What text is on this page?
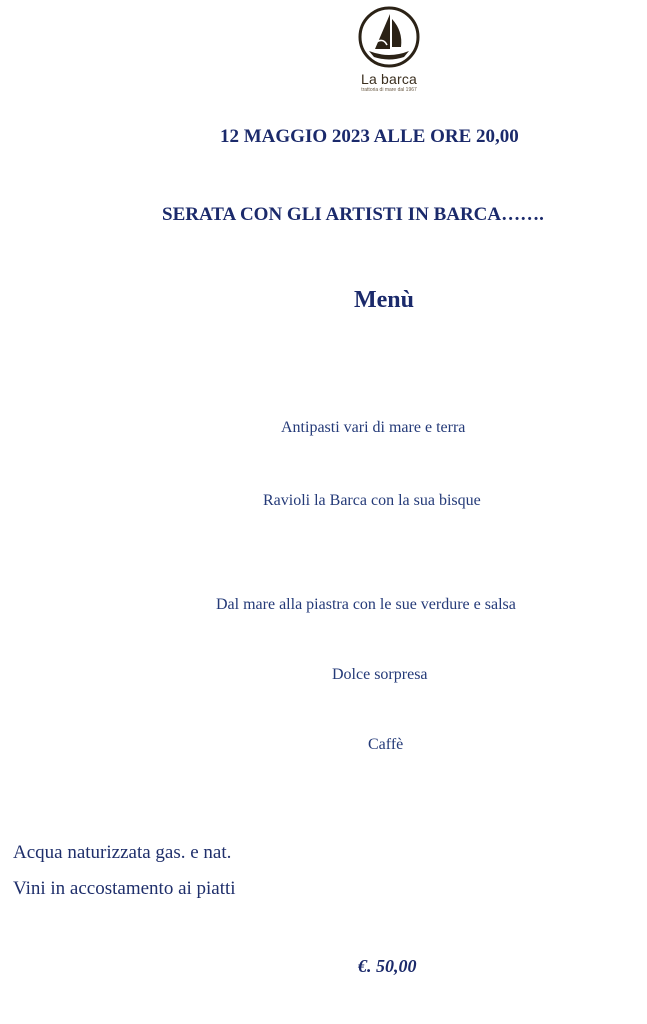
La barca
trattoria di mare dal 1967
12 MAGGIO 2023 ALLE ORE 20,00
SERATA CON GLI ARTISTI IN BARCA…….
Menù
Antipasti vari di mare e terra
Ravioli la Barca con la sua bisque
Dal mare alla piastra con le sue verdure e salsa
Dolce sorpresa
Caffè
Acqua naturizzata gas. e nat.
Vini in accostamento ai piatti
€. 50,00
